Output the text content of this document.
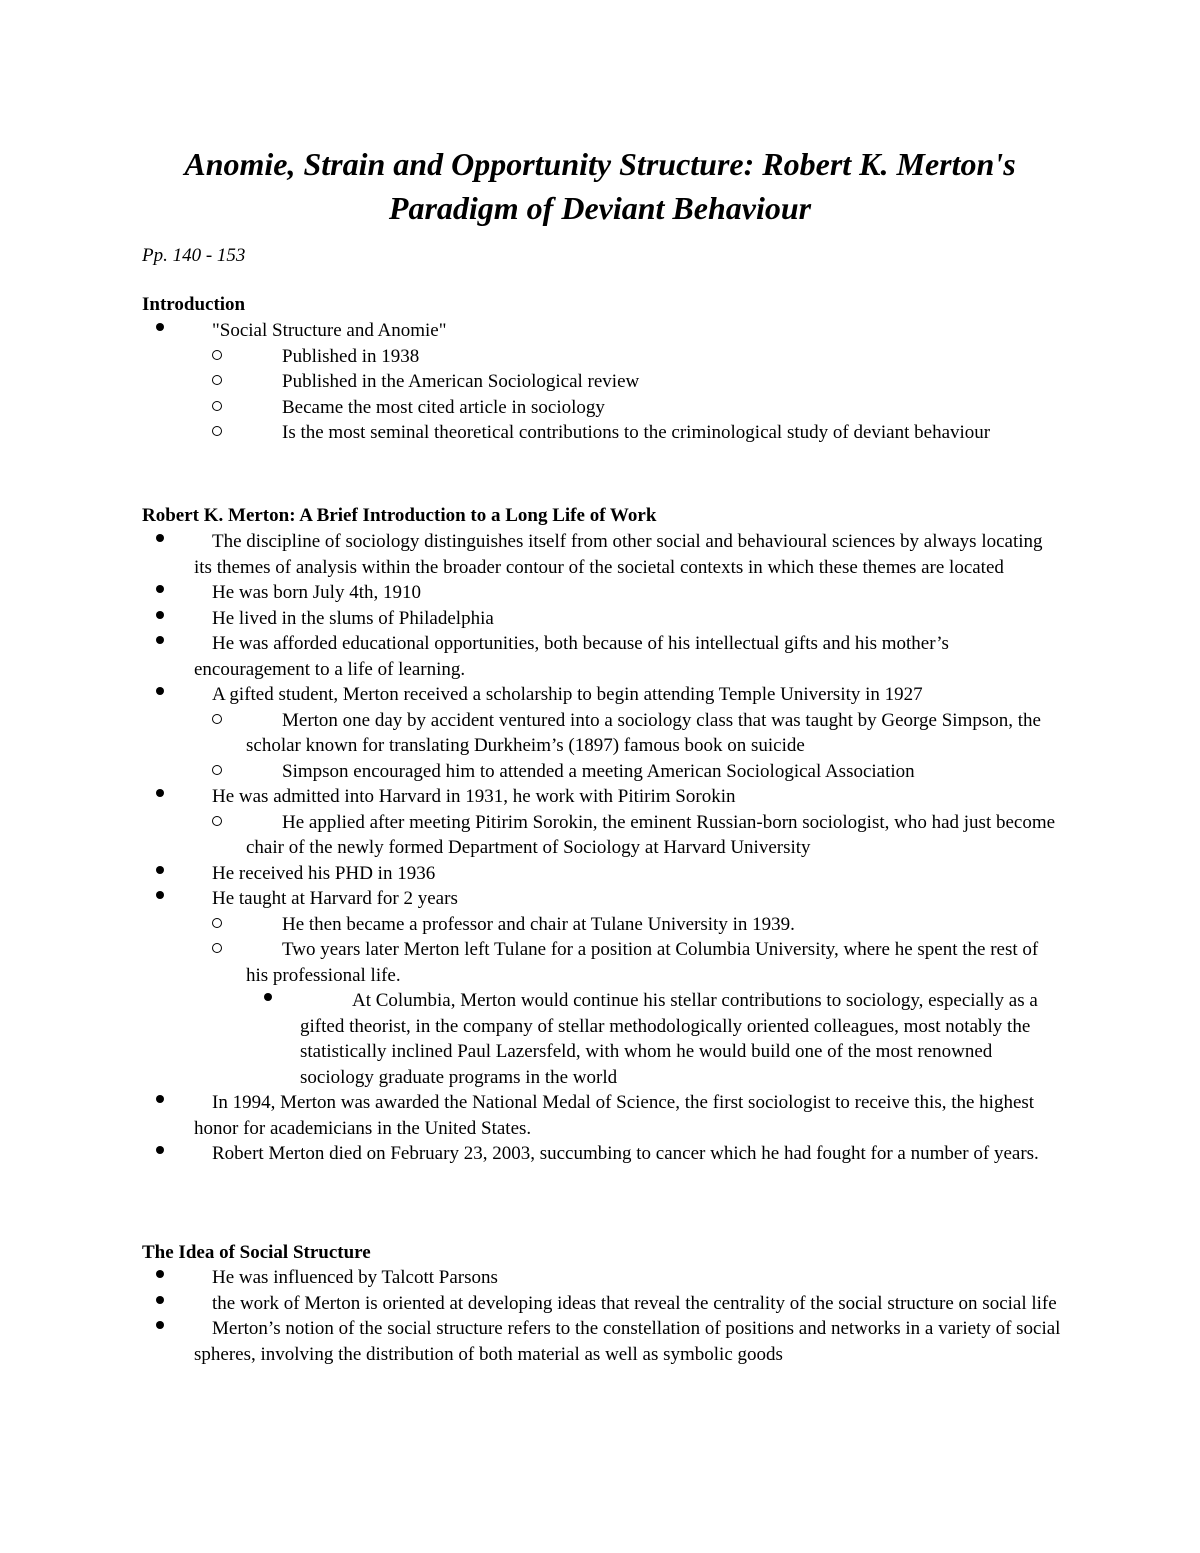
Anomie, Strain and Opportunity Structure: Robert K. Merton's
Paradigm of Deviant Behaviour
Pp. 140 - 153
Introduction
"Social Structure and Anomie"
Published in 1938
Published in the American Sociological review
Became the most cited article in sociology
Is the most seminal theoretical contributions to the criminological study of deviant behaviour
Robert K. Merton: A Brief Introduction to a Long Life of Work
The discipline of sociology distinguishes itself from other social and behavioural sciences by always locating its themes of analysis within the broader contour of the societal contexts in which these themes are located
He was born July 4th, 1910
He lived in the slums of Philadelphia
He was afforded educational opportunities, both because of his intellectual gifts and his mother’s encouragement to a life of learning.
A gifted student, Merton received a scholarship to begin attending Temple University in 1927
Merton one day by accident ventured into a sociology class that was taught by George Simpson, the scholar known for translating Durkheim’s (1897) famous book on suicide
Simpson encouraged him to attended a meeting American Sociological Association
He was admitted into Harvard in 1931, he work with Pitirim Sorokin
He applied after meeting Pitirim Sorokin, the eminent Russian-born sociologist, who had just become chair of the newly formed Department of Sociology at Harvard University
He received his PHD in 1936
He taught at Harvard for 2 years
He then became a professor and chair at Tulane University in 1939.
Two years later Merton left Tulane for a position at Columbia University, where he spent the rest of his professional life.
At Columbia, Merton would continue his stellar contributions to sociology, especially as a gifted theorist, in the company of stellar methodologically oriented colleagues, most notably the statistically inclined Paul Lazersfeld, with whom he would build one of the most renowned sociology graduate programs in the world
In 1994, Merton was awarded the National Medal of Science, the first sociologist to receive this, the highest honor for academicians in the United States.
Robert Merton died on February 23, 2003, succumbing to cancer which he had fought for a number of years.
The Idea of Social Structure
He was influenced by Talcott Parsons
the work of Merton is oriented at developing ideas that reveal the centrality of the social structure on social life
Merton’s notion of the social structure refers to the constellation of positions and networks in a variety of social spheres, involving the distribution of both material as well as symbolic goods
